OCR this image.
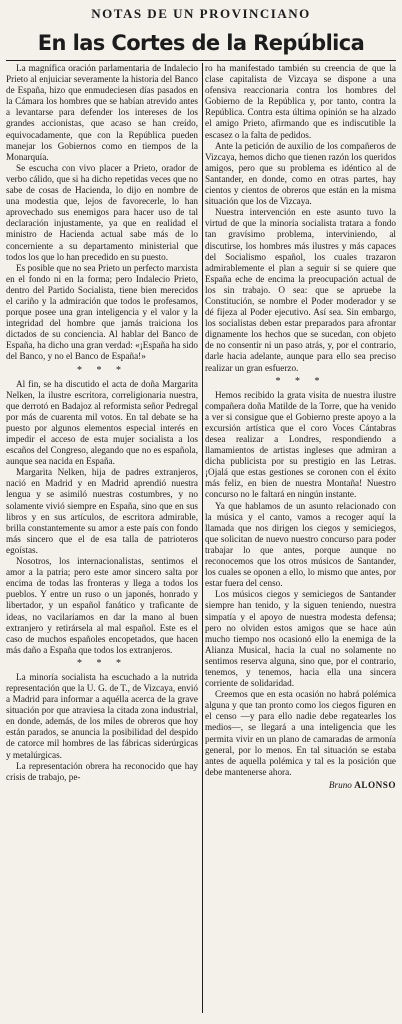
NOTAS DE UN PROVINCIANO
En las Cortes de la República

La magnífica oración parlamentaria de Indalecio Prieto al enjuiciar severamente la historia del Banco de España, hizo que enmudeciesen días pasados en la Cámara los hombres que se habían atrevido antes a levantarse para defender los intereses de los grandes accionistas, que acaso se han creído, equivocadamente, que con la República pueden manejar los Gobiernos como en tiempos de la Monarquía.

Se escucha con vivo placer a Prieto, orador de verbo cálido, que si ha dicho repetidas veces que no sabe de cosas de Hacienda, lo dijo en nombre de una modestia que, lejos de favorecerle, lo han aprovechado sus enemigos para hacer uso de tal declaración injustamente, ya que en realidad el ministro de Hacienda actual sabe más de lo concerniente a su departamento ministerial que todos los que lo han precedido en su puesto.

Es posible que no sea Prieto un perfecto marxista en el fondo ni en la forma; pero Indalecio Prieto, dentro del Partido Socialista, tiene bien merecidos el cariño y la admiración que todos le profesamos, porque posee una gran inteligencia y el valor y la integridad del hombre que jamás traiciona los dictados de su conciencia. Al hablar del Banco de España, ha dicho una gran verdad: «¡España ha sido del Banco, y no el Banco de España!»

* * *

Al fin, se ha discutido el acta de doña Margarita Nelken, la ilustre escritora, correligionaria nuestra, que derrotó en Badajoz al reformista señor Pedregal por más de cuarenta mil votos. En tal debate se ha puesto por algunos elementos especial interés en impedir el acceso de esta mujer socialista a los escaños del Congreso, alegando que no es española, aunque sea nacida en España.

Margarita Nelken, hija de padres extranjeros, nació en Madrid y en Madrid aprendió nuestra lengua y se asimiló nuestras costumbres, y no solamente vivió siempre en España, sino que en sus libros y en sus artículos, de escritora admirable, brilla constantemente su amor a este país con fondo más sincero que el de esa talla de patrioteros egoístas.

Nosotros, los internacionalistas, sentimos el amor a la patria; pero este amor sincero salta por encima de todas las fronteras y llega a todos los pueblos. Y entre un ruso o un japonés, honrado y libertador, y un español fanático y traficante de ideas, no vacilaríamos en dar la mano al buen extranjero y retirársela al mal español. Este es el caso de muchos españoles encopetados, que hacen más daño a España que todos los extranjeros.

* * *

La minoría socialista ha escuchado a la nutrida representación que la U. G. de T., de Vizcaya, envió a Madrid para informar a aquélla acerca de la grave situación por que atraviesa la citada zona industrial, en donde, además, de los miles de obreros que hoy están parados, se anuncia la posibilidad del despido de catorce mil hombres de las fábricas siderúrgicas y metalúrgicas.

La representación obrera ha reconocido que hay crisis de trabajo, pe-

ro ha manifestado también su creencia de que la clase capitalista de Vizcaya se dispone a una ofensiva reaccionaria contra los hombres del Gobierno de la República y, por tanto, contra la República. Contra esta última opinión se ha alzado el amigo Prieto, afirmando que es indiscutible la escasez o la falta de pedidos.

Ante la petición de auxilio de los compañeros de Vizcaya, hemos dicho que tienen razón los queridos amigos, pero que su problema es idéntico al de Santander, en donde, como en otras partes, hay cientos y cientos de obreros que están en la misma situación que los de Vizcaya.

Nuestra intervención en este asunto tuvo la virtud de que la minoría socialista tratara a fondo tan gravísimo problema, interviniendo, al discutirse, los hombres más ilustres y más capaces del Socialismo español, los cuales trazaron admirablemente el plan a seguir si se quiere que España eche de encima la preocupación actual de los sin trabajo. O sea: que se apruebe la Constitución, se nombre el Poder moderador y se dé fijeza al Poder ejecutivo. Así sea. Sin embargo, los socialistas deben estar preparados para afrontar dignamente los hechos que se sucedan, con objeto de no consentir ni un paso atrás, y, por el contrario, darle hacia adelante, aunque para ello sea preciso realizar un gran esfuerzo.

* * *

Hemos recibido la grata visita de nuestra ilustre compañera doña Matilde de la Torre, que ha venido a ver si consigue que el Gobierno preste apoyo a la excursión artística que el coro Voces Cántabras desea realizar a Londres, respondiendo a llamamientos de artistas ingleses que admiran a dicha publicista por su prestigio en las Letras. ¡Ojalá que estas gestiones se coronen con el éxito más feliz, en bien de nuestra Montaña! Nuestro concurso no le faltará en ningún instante.

Ya que hablamos de un asunto relacionado con la música y el canto, vamos a recoger aquí la llamada que nos dirigen los ciegos y semiciegos, que solicitan de nuevo nuestro concurso para poder trabajar lo que antes, porque aunque no reconocemos que los otros músicos de Santander, los cuales se oponen a ello, lo mismo que antes, por estar fuera del censo.

Los músicos ciegos y semiciegos de Santander siempre han tenido, y la siguen teniendo, nuestra simpatía y el apoyo de nuestra modesta defensa; pero no olviden estos amigos que se hace aún mucho tiempo nos ocasionó ello la enemiga de la Alianza Musical, hacia la cual no solamente no sentimos reserva alguna, sino que, por el contrario, tenemos, y tenemos, hacia ella una sincera corriente de solidaridad.

Creemos que en esta ocasión no habrá polémica alguna y que tan pronto como los ciegos figuren en el censo —y para ello nadie debe regatearles los medios—, se llegará a una inteligencia que les permita vivir en un plano de camaradas de armonía general, por lo menos. En tal situación se estaba antes de aquella polémica y tal es la posición que debe mantenerse ahora.

Bruno ALONSO
